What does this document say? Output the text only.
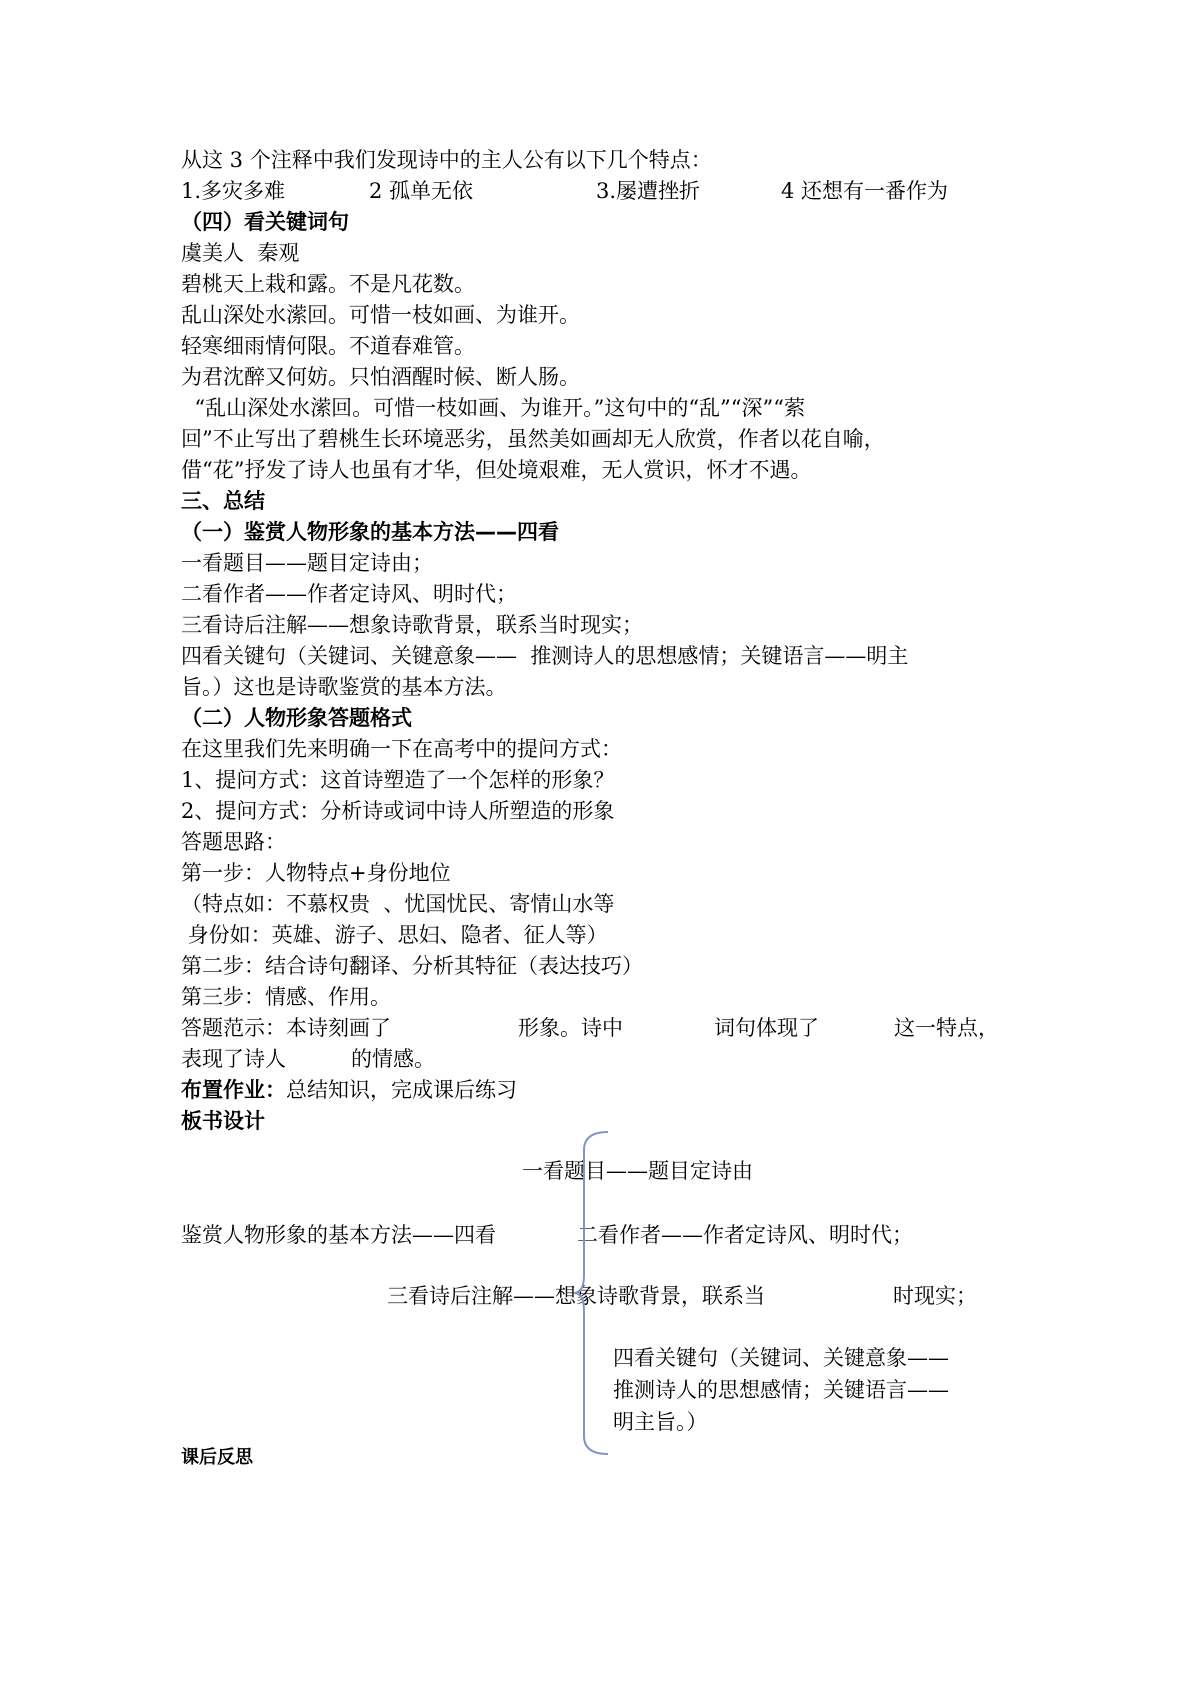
从这 3 个注释中我们发现诗中的主人公有以下几个特点：
1.多灾多难	2 孤单无依	3.屡遭挫折	4 还想有一番作为
（四）看关键词句
虞美人  秦观
碧桃天上栽和露。不是凡花数。
乱山深处水潆回。可惜一枝如画、为谁开。
轻寒细雨情何限。不道春难管。
为君沈醉又何妨。只怕酒醒时候、断人肠。
“乱山深处水潆回。可惜一枝如画、为谁开。”这句中的“乱”“深”“萦
回”不止写出了碧桃生长环境恶劣，虽然美如画却无人欣赏，作者以花自喻，
借“花”抒发了诗人也虽有才华，但处境艰难，无人赏识，怀才不遇。
三、总结
（一）鉴赏人物形象的基本方法——四看
一看题目——题目定诗由；
二看作者——作者定诗风、明时代；
三看诗后注解——想象诗歌背景，联系当时现实；
四看关键句（关键词、关键意象——  推测诗人的思想感情；关键语言——明主
旨。）这也是诗歌鉴赏的基本方法。
（二）人物形象答题格式
在这里我们先来明确一下在高考中的提问方式：
1、提问方式：这首诗塑造了一个怎样的形象？
2、提问方式：分析诗或词中诗人所塑造的形象
答题思路：
第一步：人物特点+身份地位
（特点如：不慕权贵  、忧国忧民、寄情山水等
身份如：英雄、游子、思妇、隐者、征人等）
第二步：结合诗句翻译、分析其特征（表达技巧）
第三步：情感、作用。
答题范示：本诗刻画了	形象。诗中	词句体现了	这一特点，
表现了诗人	的情感。
布置作业：总结知识，完成课后练习
板书设计
一看题目——题目定诗由
鉴赏人物形象的基本方法——四看	二看作者——作者定诗风、明时代；
三看诗后注解——想象诗歌背景，联系当	时现实；
四看关键句（关键词、关键意象——
推测诗人的思想感情；关键语言——
明主旨。）
课后反思
